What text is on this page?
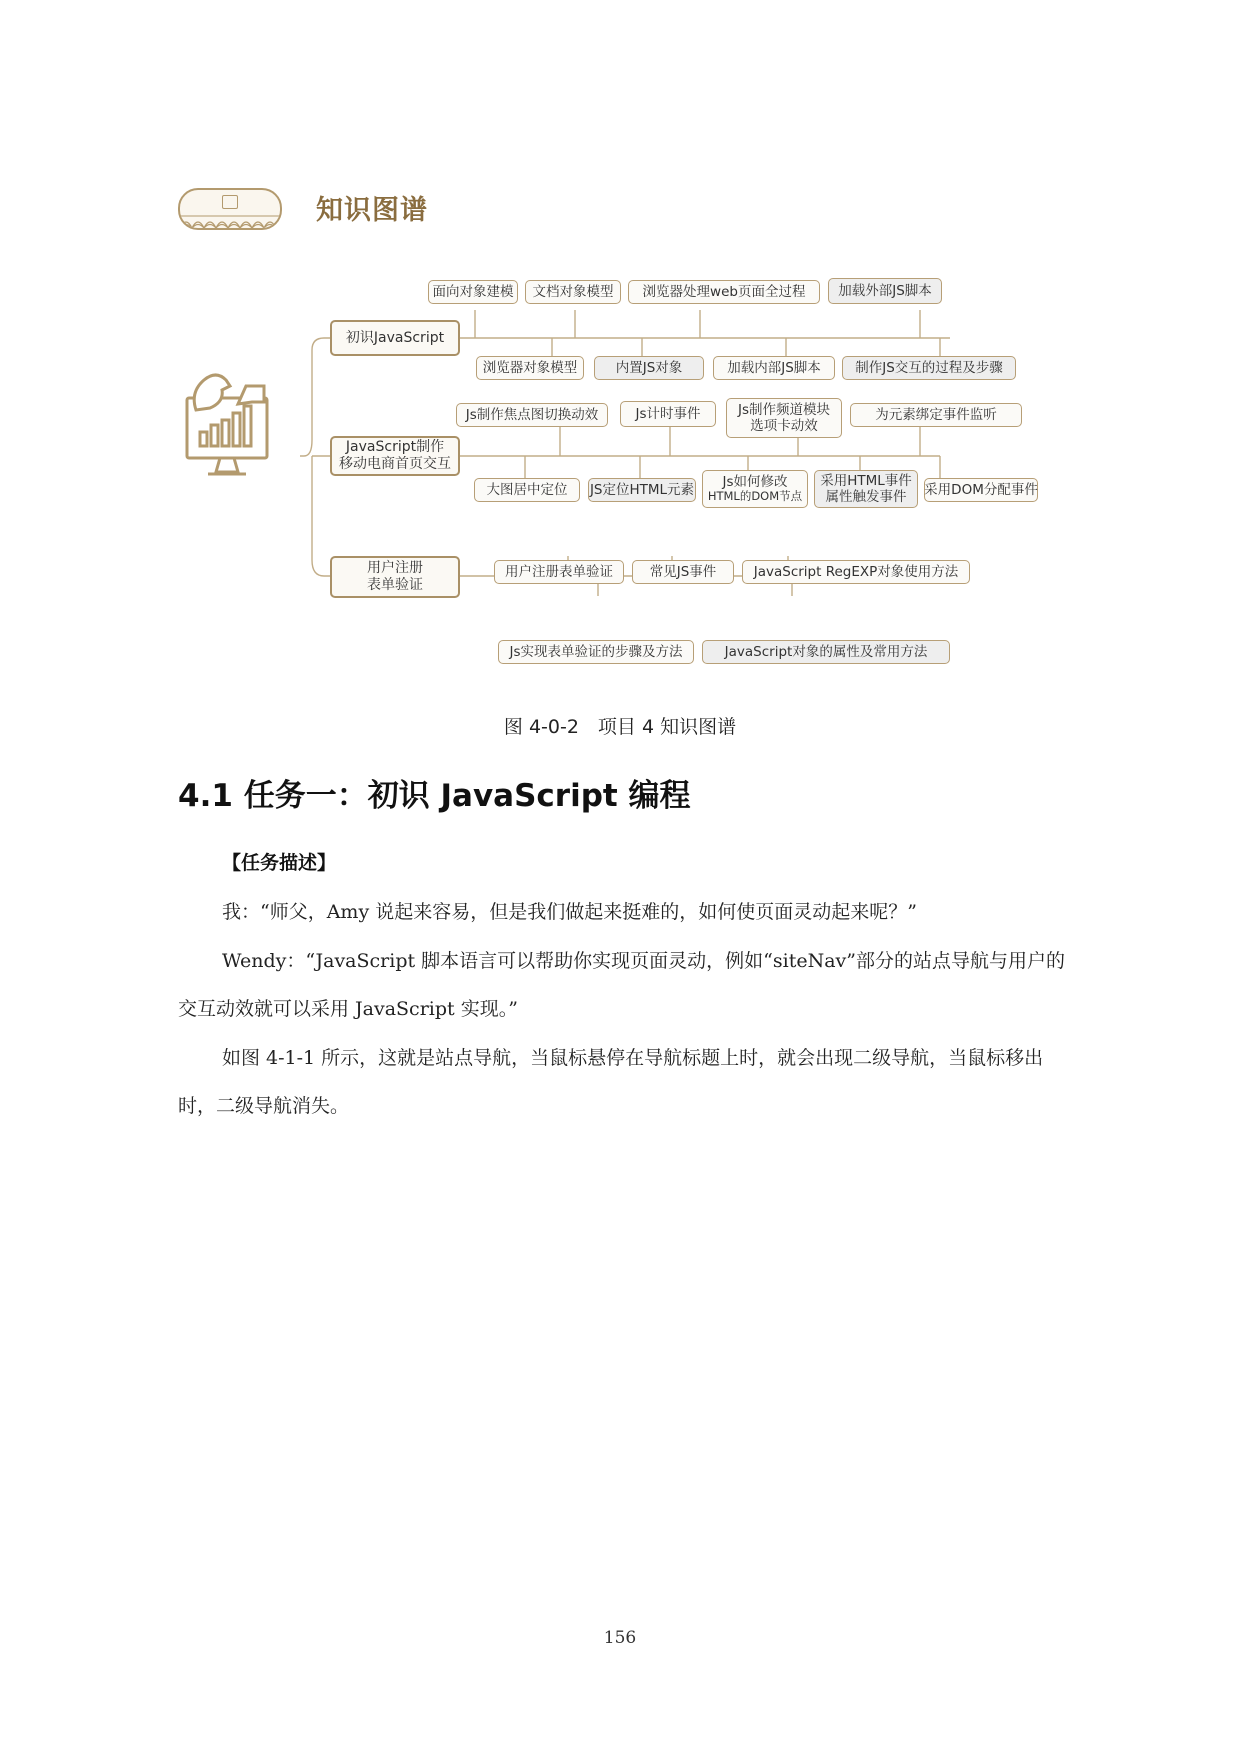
知识图谱
初识JavaScript
面向对象建模	文档对象模型	浏览器处理web页面全过程	加载外部JS脚本
浏览器对象模型	内置JS对象	加载内部JS脚本	制作JS交互的过程及步骤
JavaScript制作
移动电商首页交互
Js制作焦点图切换动效	Js计时事件	Js制作频道模块
选项卡动效
为元素绑定事件监听
大图居中定位	JS定位HTML元素 Js如何修改
HTML的DOM节点
采用HTML事件
属性触发事件 采用DOM分配事件
用户注册
表单验证
用户注册表单验证	常见JS事件	JavaScript RegEXP对象使用方法
Js实现表单验证的步骤及方法	JavaScript对象的属性及常用方法
图 4-0-2　项目 4 知识图谱
4.1 任务一：初识 JavaScript 编程
【任务描述】
我：“师父，Amy 说起来容易，但是我们做起来挺难的，如何使页面灵动起来呢？”
Wendy：“JavaScript 脚本语言可以帮助你实现页面灵动，例如“siteNav”部分的站点导航与用户的交互动效就可以采用 JavaScript 实现。”
如图 4-1-1 所示，这就是站点导航，当鼠标悬停在导航标题上时，就会出现二级导航，当鼠标移出时，二级导航消失。
156
